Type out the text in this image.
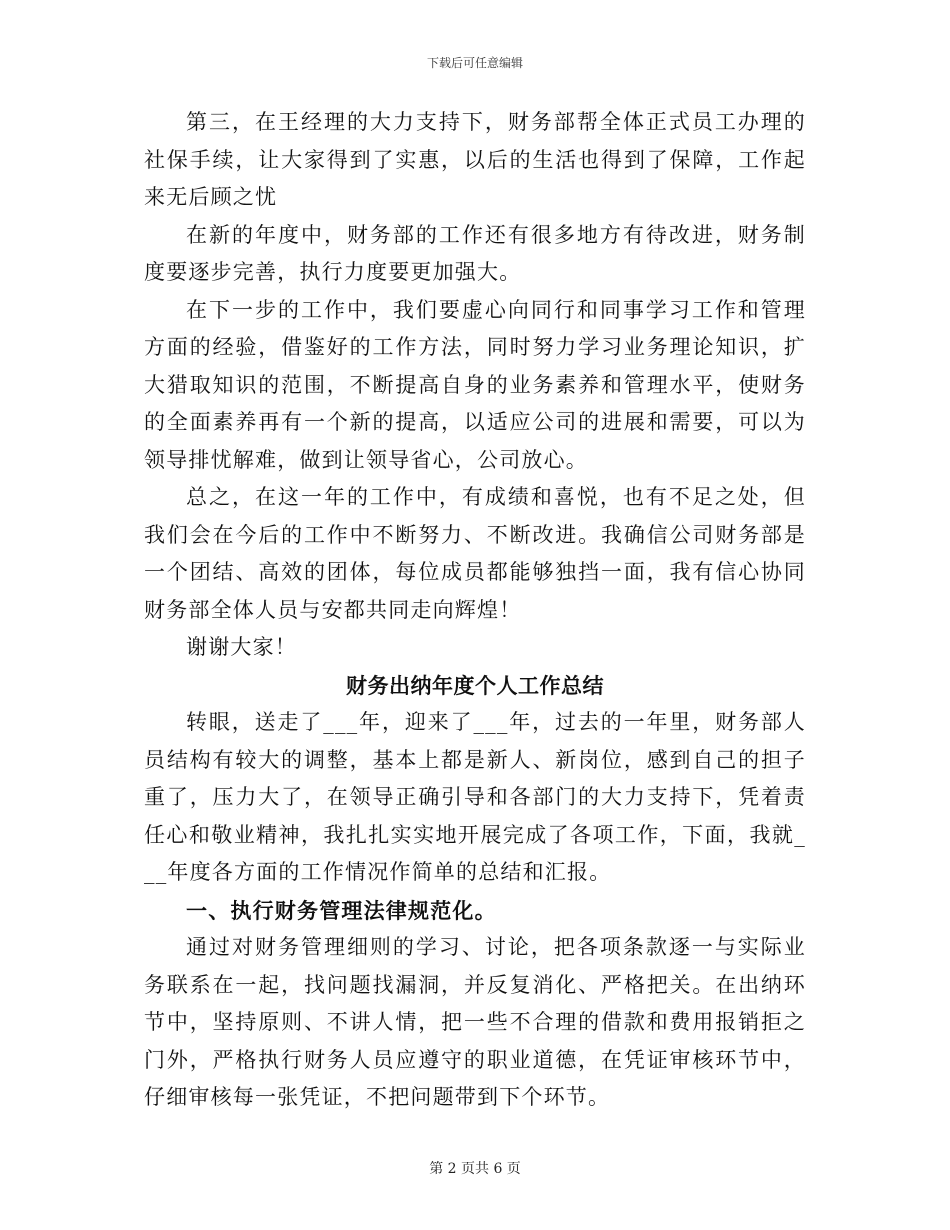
下载后可任意编辑

第三，在王经理的大力支持下，财务部帮全体正式员工办理的社保手续，让大家得到了实惠，以后的生活也得到了保障，工作起来无后顾之忧

在新的年度中，财务部的工作还有很多地方有待改进，财务制度要逐步完善，执行力度要更加强大。

在下一步的工作中，我们要虚心向同行和同事学习工作和管理方面的经验，借鉴好的工作方法，同时努力学习业务理论知识，扩大猎取知识的范围，不断提高自身的业务素养和管理水平，使财务的全面素养再有一个新的提高，以适应公司的进展和需要，可以为领导排忧解难，做到让领导省心，公司放心。

总之，在这一年的工作中，有成绩和喜悦，也有不足之处，但我们会在今后的工作中不断努力、不断改进。我确信公司财务部是一个团结、高效的团体，每位成员都能够独挡一面，我有信心协同财务部全体人员与安都共同走向辉煌！

谢谢大家！

财务出纳年度个人工作总结

转眼，送走了___年，迎来了___年，过去的一年里，财务部人员结构有较大的调整，基本上都是新人、新岗位，感到自己的担子重了，压力大了，在领导正确引导和各部门的大力支持下，凭着责任心和敬业精神，我扎扎实实地开展完成了各项工作，下面，我就___年度各方面的工作情况作简单的总结和汇报。

一、执行财务管理法律规范化。

通过对财务管理细则的学习、讨论，把各项条款逐一与实际业务联系在一起，找问题找漏洞，并反复消化、严格把关。在出纳环节中，坚持原则、不讲人情，把一些不合理的借款和费用报销拒之门外，严格执行财务人员应遵守的职业道德，在凭证审核环节中，仔细审核每一张凭证，不把问题带到下个环节。

第 2 页共 6 页
